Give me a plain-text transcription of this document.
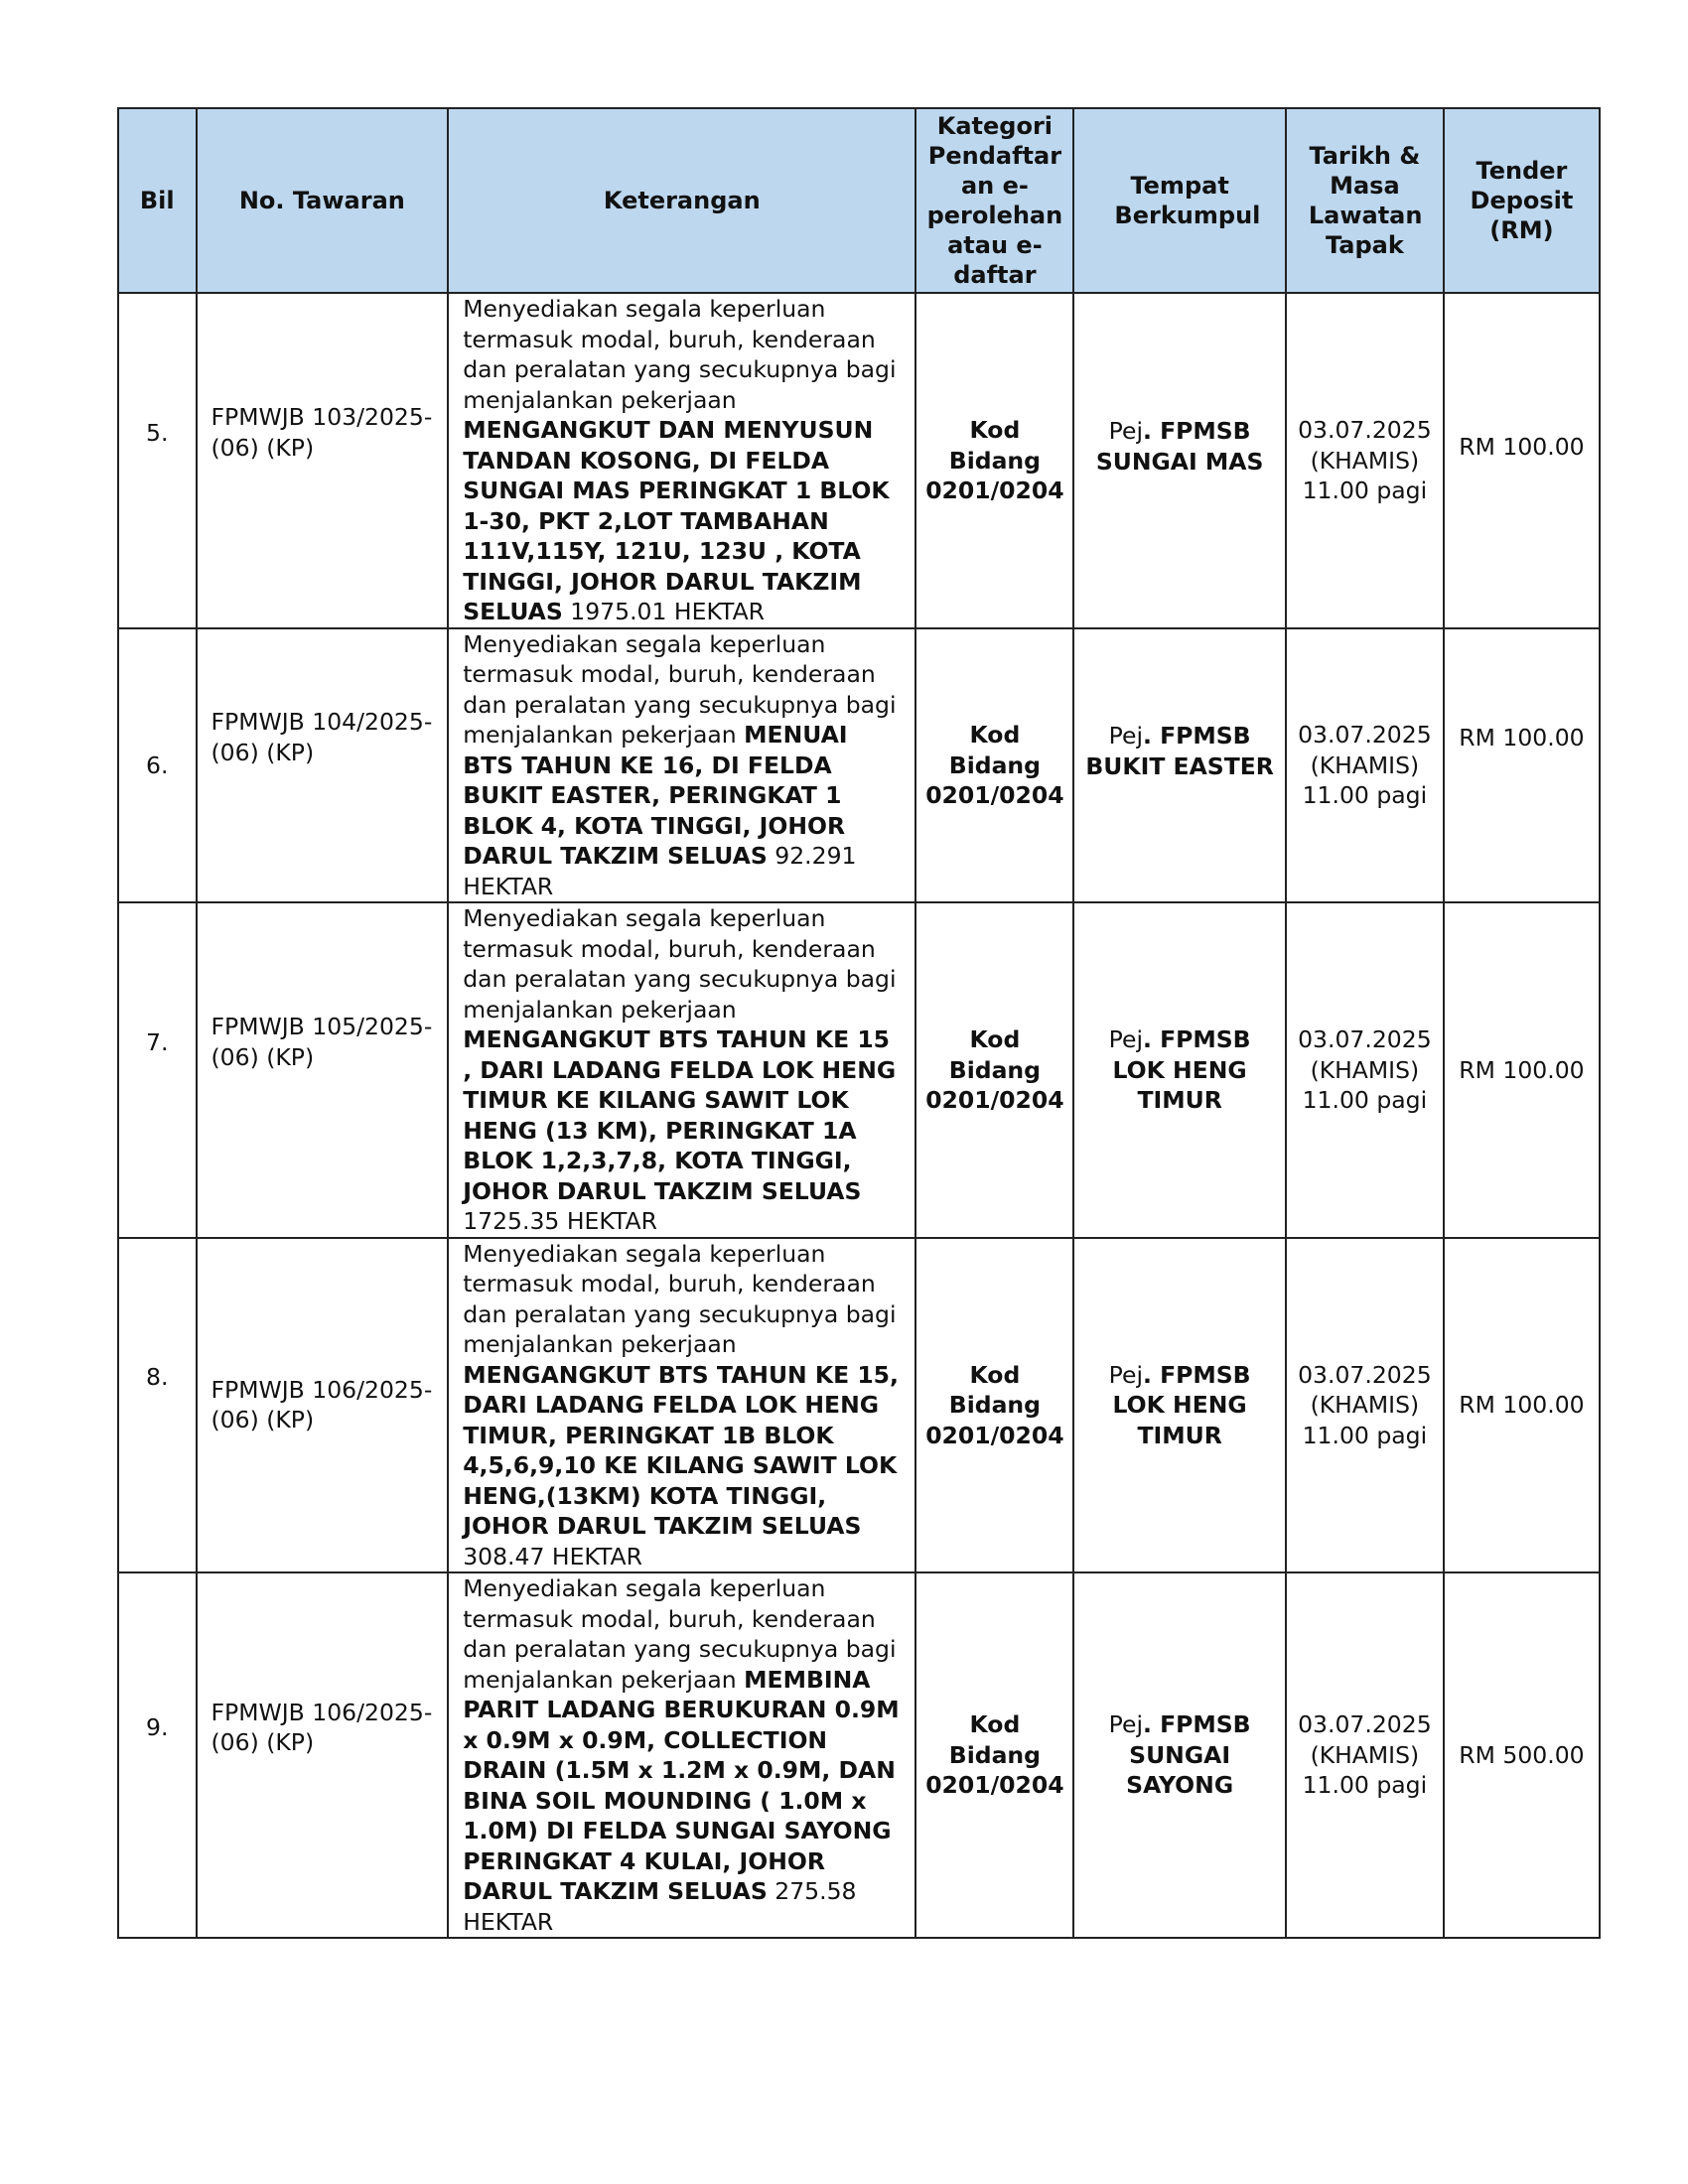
Bil	No. Tawaran	Keterangan	Kategori Pendaftar an e-perolehan atau e-daftar	Tempat Berkumpul	Tarikh & Masa Lawatan Tapak	Tender Deposit (RM)

5.	FPMWJB 103/2025-(06) (KP)	Menyediakan segala keperluan termasuk modal, buruh, kenderaan dan peralatan yang secukupnya bagi menjalankan pekerjaan MENGANGKUT DAN MENYUSUN TANDAN KOSONG, DI FELDA SUNGAI MAS PERINGKAT 1 BLOK 1-30, PKT 2,LOT TAMBAHAN 111V,115Y, 121U, 123U , KOTA TINGGI, JOHOR DARUL TAKZIM SELUAS 1975.01 HEKTAR	Kod Bidang 0201/0204	Pej. FPMSB SUNGAI MAS	03.07.2025 (KHAMIS) 11.00 pagi	RM 100.00

6.	FPMWJB 104/2025-(06) (KP)	Menyediakan segala keperluan termasuk modal, buruh, kenderaan dan peralatan yang secukupnya bagi menjalankan pekerjaan MENUAI BTS TAHUN KE 16, DI FELDA BUKIT EASTER, PERINGKAT 1 BLOK 4, KOTA TINGGI, JOHOR DARUL TAKZIM SELUAS 92.291 HEKTAR	Kod Bidang 0201/0204	Pej. FPMSB BUKIT EASTER	03.07.2025 (KHAMIS) 11.00 pagi	RM 100.00

7.	FPMWJB 105/2025-(06) (KP)	Menyediakan segala keperluan termasuk modal, buruh, kenderaan dan peralatan yang secukupnya bagi menjalankan pekerjaan MENGANGKUT BTS TAHUN KE 15 , DARI LADANG FELDA LOK HENG TIMUR KE KILANG SAWIT LOK HENG (13 KM), PERINGKAT 1A BLOK 1,2,3,7,8, KOTA TINGGI, JOHOR DARUL TAKZIM SELUAS 1725.35 HEKTAR	Kod Bidang 0201/0204	Pej. FPMSB LOK HENG TIMUR	03.07.2025 (KHAMIS) 11.00 pagi	RM 100.00

8.	FPMWJB 106/2025-(06) (KP)	Menyediakan segala keperluan termasuk modal, buruh, kenderaan dan peralatan yang secukupnya bagi menjalankan pekerjaan MENGANGKUT BTS TAHUN KE 15, DARI LADANG FELDA LOK HENG TIMUR, PERINGKAT 1B BLOK 4,5,6,9,10 KE KILANG SAWIT LOK HENG,(13KM) KOTA TINGGI, JOHOR DARUL TAKZIM SELUAS 308.47 HEKTAR	Kod Bidang 0201/0204	Pej. FPMSB LOK HENG TIMUR	03.07.2025 (KHAMIS) 11.00 pagi	RM 100.00

9.	FPMWJB 106/2025-(06) (KP)	Menyediakan segala keperluan termasuk modal, buruh, kenderaan dan peralatan yang secukupnya bagi menjalankan pekerjaan MEMBINA PARIT LADANG BERUKURAN 0.9M x 0.9M x 0.9M, COLLECTION DRAIN (1.5M x 1.2M x 0.9M, DAN BINA SOIL MOUNDING ( 1.0M x 1.0M) DI FELDA SUNGAI SAYONG PERINGKAT 4 KULAI, JOHOR DARUL TAKZIM SELUAS 275.58 HEKTAR	Kod Bidang 0201/0204	Pej. FPMSB SUNGAI SAYONG	03.07.2025 (KHAMIS) 11.00 pagi	RM 500.00
